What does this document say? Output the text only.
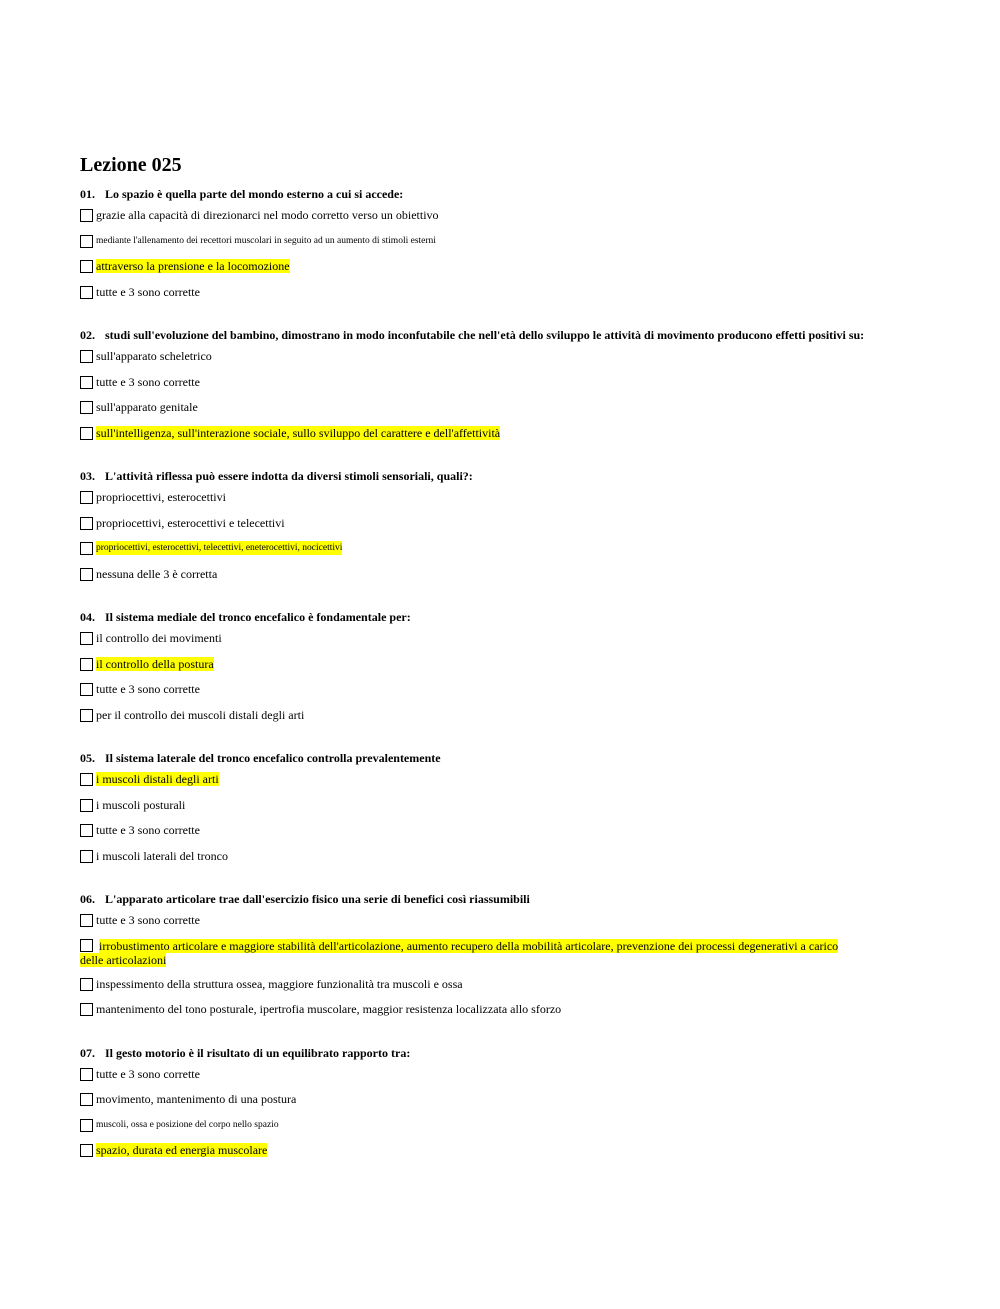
Lezione 025
01. Lo spazio è quella parte del mondo esterno a cui si accede:
grazie alla capacità di direzionarci nel modo corretto verso un obiettivo
mediante l'allenamento dei recettori muscolari in seguito ad un aumento di stimoli esterni
attraverso la prensione e la locomozione
tutte e 3 sono corrette
02. studi sull'evoluzione del bambino, dimostrano in modo inconfutabile che nell'età dello sviluppo le attività di movimento producono effetti positivi su:
sull'apparato scheletrico
tutte e 3 sono corrette
sull'apparato genitale
sull'intelligenza, sull'interazione sociale, sullo sviluppo del carattere e dell'affettività
03. L'attività riflessa può essere indotta da diversi stimoli sensoriali, quali?:
propriocettivi, esterocettivi
propriocettivi, esterocettivi e telecettivi
propriocettivi, esterocettivi, telecettivi, eneterocettivi, nocicettivi
nessuna delle 3 è corretta
04. Il sistema mediale del tronco encefalico è fondamentale per:
il controllo dei movimenti
il controllo della postura
tutte e 3 sono corrette
per il controllo dei muscoli distali degli arti
05. Il sistema laterale del tronco encefalico controlla prevalentemente
i muscoli distali degli arti
i muscoli posturali
tutte e 3 sono corrette
i muscoli laterali del tronco
06. L'apparato articolare trae dall'esercizio fisico una serie di benefici così riassumibili
tutte e 3 sono corrette
irrobustimento articolare e maggiore stabilità dell'articolazione, aumento recupero della mobilità articolare, prevenzione dei processi degenerativi a carico delle articolazioni
inspessimento della struttura ossea, maggiore funzionalità tra muscoli e ossa
mantenimento del tono posturale, ipertrofia muscolare, maggior resistenza localizzata allo sforzo
07. Il gesto motorio è il risultato di un equilibrato rapporto tra:
tutte e 3 sono corrette
movimento, mantenimento di una postura
muscoli, ossa e posizione del corpo nello spazio
spazio, durata ed energia muscolare
